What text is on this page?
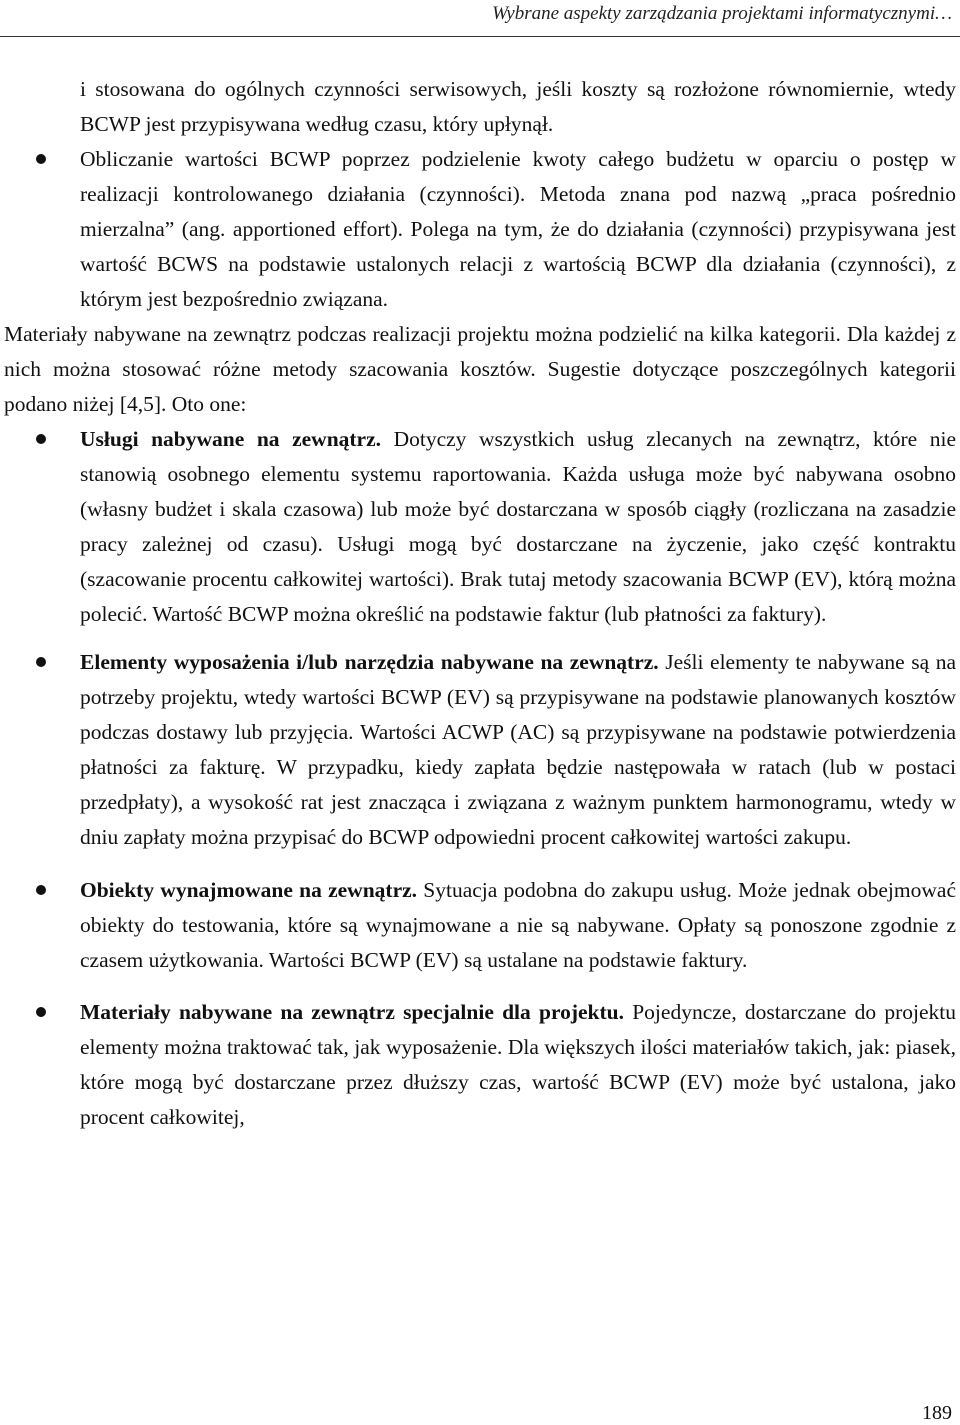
Wybrane aspekty zarządzania projektami informatycznymi…

i stosowana do ogólnych czynności serwisowych, jeśli koszty są rozłożone równomiernie, wtedy BCWP jest przypisywana według czasu, który upłynął.

Obliczanie wartości BCWP poprzez podzielenie kwoty całego budżetu w oparciu o postęp w realizacji kontrolowanego działania (czynności). Metoda znana pod nazwą „praca pośrednio mierzalna” (ang. apportioned effort). Polega na tym, że do działania (czynności) przypisywana jest wartość BCWS na podstawie ustalonych relacji z wartością BCWP dla działania (czynności), z którym jest bezpośrednio związana.

Materiały nabywane na zewnątrz podczas realizacji projektu można podzielić na kilka kategorii. Dla każdej z nich można stosować różne metody szacowania kosztów. Sugestie dotyczące poszczególnych kategorii podano niżej [4,5]. Oto one:

Usługi nabywane na zewnątrz. Dotyczy wszystkich usług zlecanych na zewnątrz, które nie stanowią osobnego elementu systemu raportowania. Każda usługa może być nabywana osobno (własny budżet i skala czasowa) lub może być dostarczana w sposób ciągły (rozliczana na zasadzie pracy zależnej od czasu). Usługi mogą być dostarczane na życzenie, jako część kontraktu (szacowanie procentu całkowitej wartości). Brak tutaj metody szacowania BCWP (EV), którą można polecić. Wartość BCWP można określić na podstawie faktur (lub płatności za faktury).

Elementy wyposażenia i/lub narzędzia nabywane na zewnątrz. Jeśli elementy te nabywane są na potrzeby projektu, wtedy wartości BCWP (EV) są przypisywane na podstawie planowanych kosztów podczas dostawy lub przyjęcia. Wartości ACWP (AC) są przypisywane na podstawie potwierdzenia płatności za fakturę. W przypadku, kiedy zapłata będzie następowała w ratach (lub w postaci przedpłaty), a wysokość rat jest znacząca i związana z ważnym punktem harmonogramu, wtedy w dniu zapłaty można przypisać do BCWP odpowiedni procent całkowitej wartości zakupu.

Obiekty wynajmowane na zewnątrz. Sytuacja podobna do zakupu usług. Może jednak obejmować obiekty do testowania, które są wynajmowane a nie są nabywane. Opłaty są ponoszone zgodnie z czasem użytkowania. Wartości BCWP (EV) są ustalane na podstawie faktury.

Materiały nabywane na zewnątrz specjalnie dla projektu. Pojedyncze, dostarczane do projektu elementy można traktować tak, jak wyposażenie. Dla większych ilości materiałów takich, jak: piasek, które mogą być dostarczane przez dłuższy czas, wartość BCWP (EV) może być ustalona, jako procent całkowitej,

189
